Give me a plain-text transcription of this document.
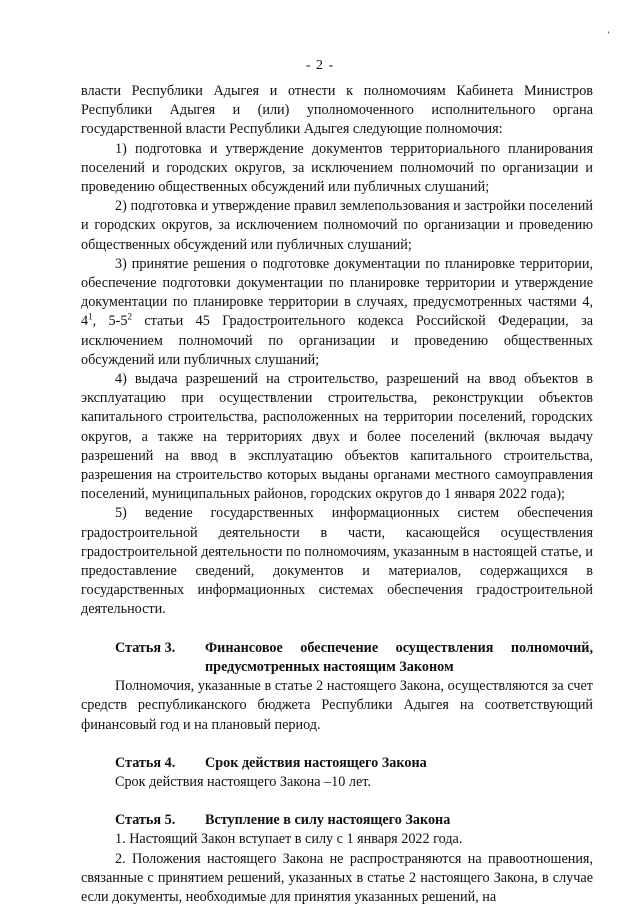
- 2 -
’

власти Республики Адыгея и отнести к полномочиям Кабинета Министров Республики Адыгея и (или) уполномоченного исполнительного органа государственной власти Республики Адыгея следующие полномочия:

1) подготовка и утверждение документов территориального планирования поселений и городских округов, за исключением полномочий по организации и проведению общественных обсуждений или публичных слушаний;

2) подготовка и утверждение правил землепользования и застройки поселений и городских округов, за исключением полномочий по организации и проведению общественных обсуждений или публичных слушаний;

3) принятие решения о подготовке документации по планировке территории, обеспечение подготовки документации по планировке территории и утверждение документации по планировке территории в случаях, предусмотренных частями 4, $4^1$, $5-5^2$ статьи 45 Градостроительного кодекса Российской Федерации, за исключением полномочий по организации и проведению общественных обсуждений или публичных слушаний;

4) выдача разрешений на строительство, разрешений на ввод объектов в эксплуатацию при осуществлении строительства, реконструкции объектов капитального строительства, расположенных на территории поселений, городских округов, а также на территориях двух и более поселений (включая выдачу разрешений на ввод в эксплуатацию объектов капитального строительства, разрешения на строительство которых выданы органами местного самоуправления поселений, муниципальных районов, городских округов до 1 января 2022 года);

5) ведение государственных информационных систем обеспечения градостроительной деятельности в части, касающейся осуществления градостроительной деятельности по полномочиям, указанным в настоящей статье, и предоставление сведений, документов и материалов, содержащихся в государственных информационных системах обеспечения градостроительной деятельности.

Статья 3.	Финансовое обеспечение осуществления полномочий, предусмотренных настоящим Законом

Полномочия, указанные в статье 2 настоящего Закона, осуществляются за счет средств республиканского бюджета Республики Адыгея на соответствующий финансовый год и на плановый период.

Статья 4.	Срок действия настоящего Закона

Срок действия настоящего Закона –10 лет.

Статья 5.	Вступление в силу настоящего Закона

1. Настоящий Закон вступает в силу с 1 января 2022 года.

2. Положения настоящего Закона не распространяются на правоотношения, связанные с принятием решений, указанных в статье 2 настоящего Закона, в случае если документы, необходимые для принятия указанных решений, на
